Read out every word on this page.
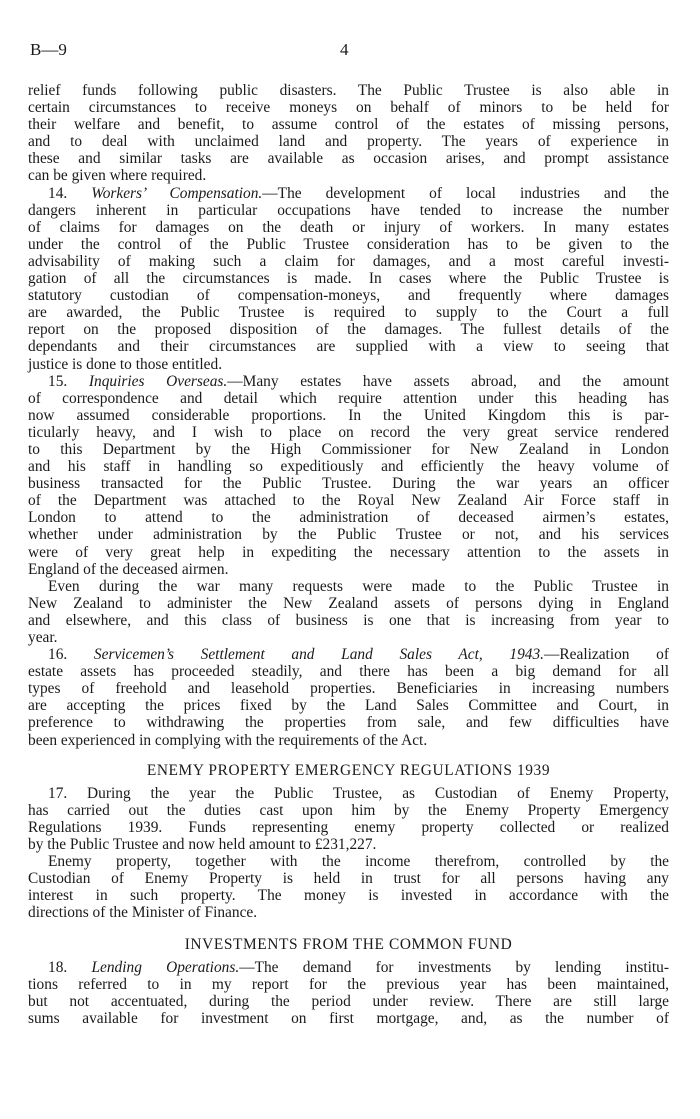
B—9	4
relief funds following public disasters. The Public Trustee is also able in
certain circumstances to receive moneys on behalf of minors to be held for
their welfare and benefit, to assume control of the estates of missing persons,
and to deal with unclaimed land and property. The years of experience in
these and similar tasks are available as occasion arises, and prompt assistance
can be given where required.
14. Workers’ Compensation.—The development of local industries and the
dangers inherent in particular occupations have tended to increase the number
of claims for damages on the death or injury of workers. In many estates
under the control of the Public Trustee consideration has to be given to the
advisability of making such a claim for damages, and a most careful investi-
gation of all the circumstances is made. In cases where the Public Trustee is
statutory custodian of compensation-moneys, and frequently where damages
are awarded, the Public Trustee is required to supply to the Court a full
report on the proposed disposition of the damages. The fullest details of the
dependants and their circumstances are supplied with a view to seeing that
justice is done to those entitled.
15. Inquiries Overseas.—Many estates have assets abroad, and the amount
of correspondence and detail which require attention under this heading has
now assumed considerable proportions. In the United Kingdom this is par-
ticularly heavy, and I wish to place on record the very great service rendered
to this Department by the High Commissioner for New Zealand in London
and his staff in handling so expeditiously and efficiently the heavy volume of
business transacted for the Public Trustee. During the war years an officer
of the Department was attached to the Royal New Zealand Air Force staff in
London to attend to the administration of deceased airmen’s estates,
whether under administration by the Public Trustee or not, and his services
were of very great help in expediting the necessary attention to the assets in
England of the deceased airmen.
Even during the war many requests were made to the Public Trustee in
New Zealand to administer the New Zealand assets of persons dying in England
and elsewhere, and this class of business is one that is increasing from year to
year.
16. Servicemen’s Settlement and Land Sales Act, 1943.—Realization of
estate assets has proceeded steadily, and there has been a big demand for all
types of freehold and leasehold properties. Beneficiaries in increasing numbers
are accepting the prices fixed by the Land Sales Committee and Court, in
preference to withdrawing the properties from sale, and few difficulties have
been experienced in complying with the requirements of the Act.
ENEMY PROPERTY EMERGENCY REGULATIONS 1939
17. During the year the Public Trustee, as Custodian of Enemy Property,
has carried out the duties cast upon him by the Enemy Property Emergency
Regulations 1939. Funds representing enemy property collected or realized
by the Public Trustee and now held amount to £231,227.
Enemy property, together with the income therefrom, controlled by the
Custodian of Enemy Property is held in trust for all persons having any
interest in such property. The money is invested in accordance with the
directions of the Minister of Finance.
INVESTMENTS FROM THE COMMON FUND
18. Lending Operations.—The demand for investments by lending institu-
tions referred to in my report for the previous year has been maintained,
but not accentuated, during the period under review. There are still large
sums available for investment on first mortgage, and, as the number of
